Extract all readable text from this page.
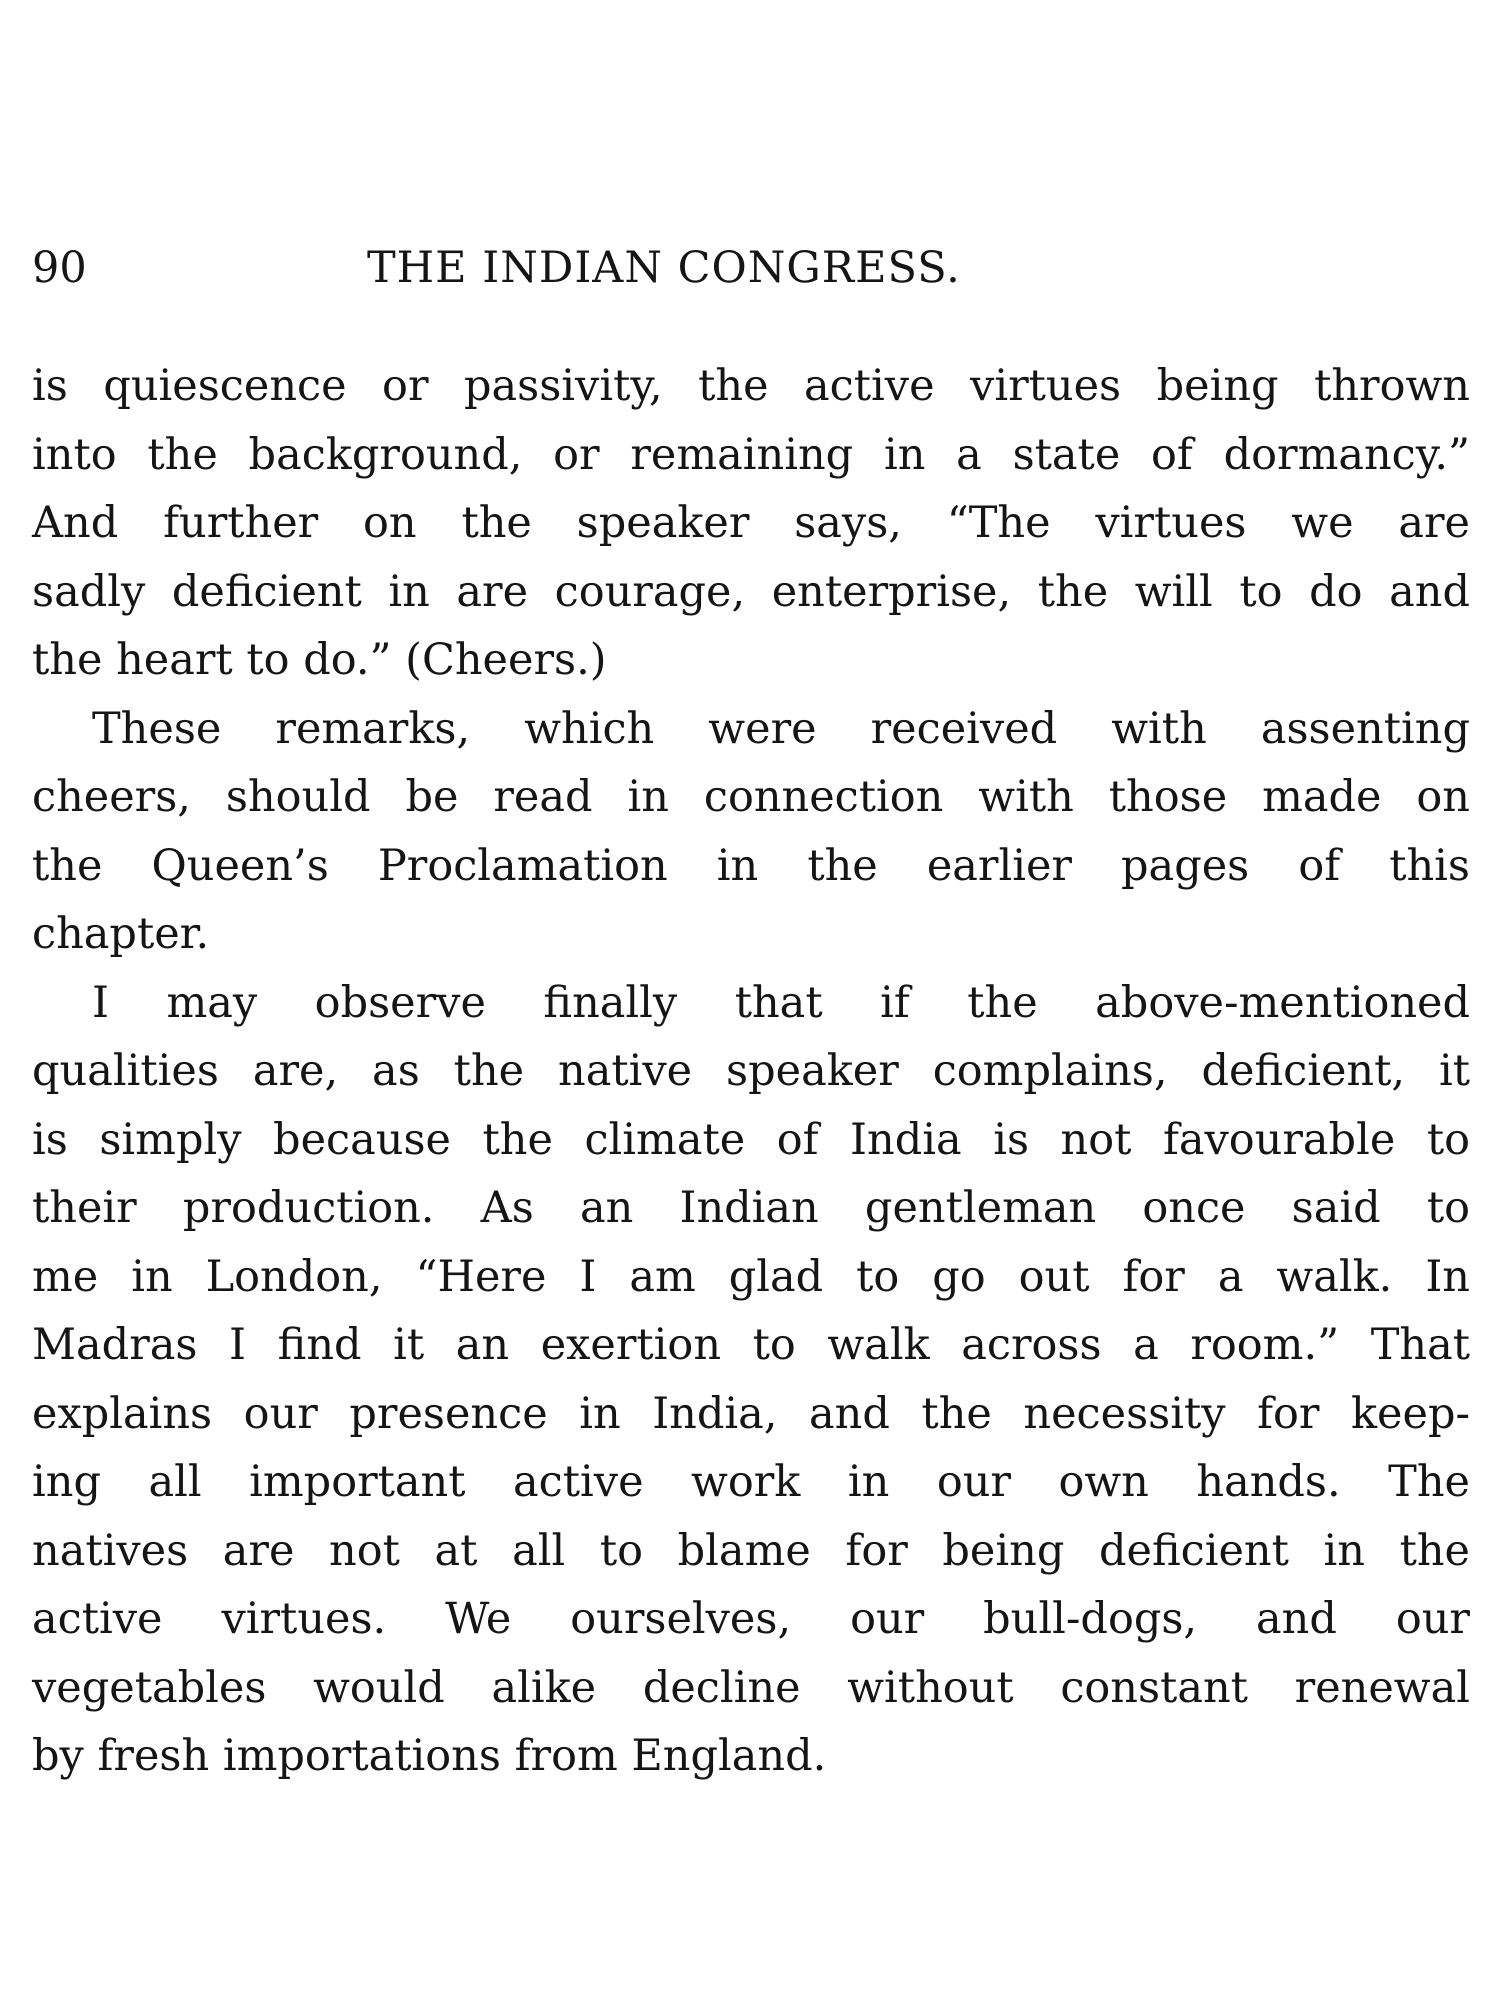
90	THE INDIAN CONGRESS.
is quiescence or passivity, the active virtues being thrown
into the background, or remaining in a state of dormancy.”
And further on the speaker says, “The virtues we are
sadly deficient in are courage, enterprise, the will to do and
the heart to do.” (Cheers.)
These remarks, which were received with assenting
cheers, should be read in connection with those made on
the Queen’s Proclamation in the earlier pages of this
chapter.
I may observe finally that if the above-mentioned
qualities are, as the native speaker complains, deficient, it
is simply because the climate of India is not favourable to
their production. As an Indian gentleman once said to
me in London, “Here I am glad to go out for a walk. In
Madras I find it an exertion to walk across a room.” That
explains our presence in India, and the necessity for keep-
ing all important active work in our own hands. The
natives are not at all to blame for being deficient in the
active virtues. We ourselves, our bull-dogs, and our
vegetables would alike decline without constant renewal
by fresh importations from England.
